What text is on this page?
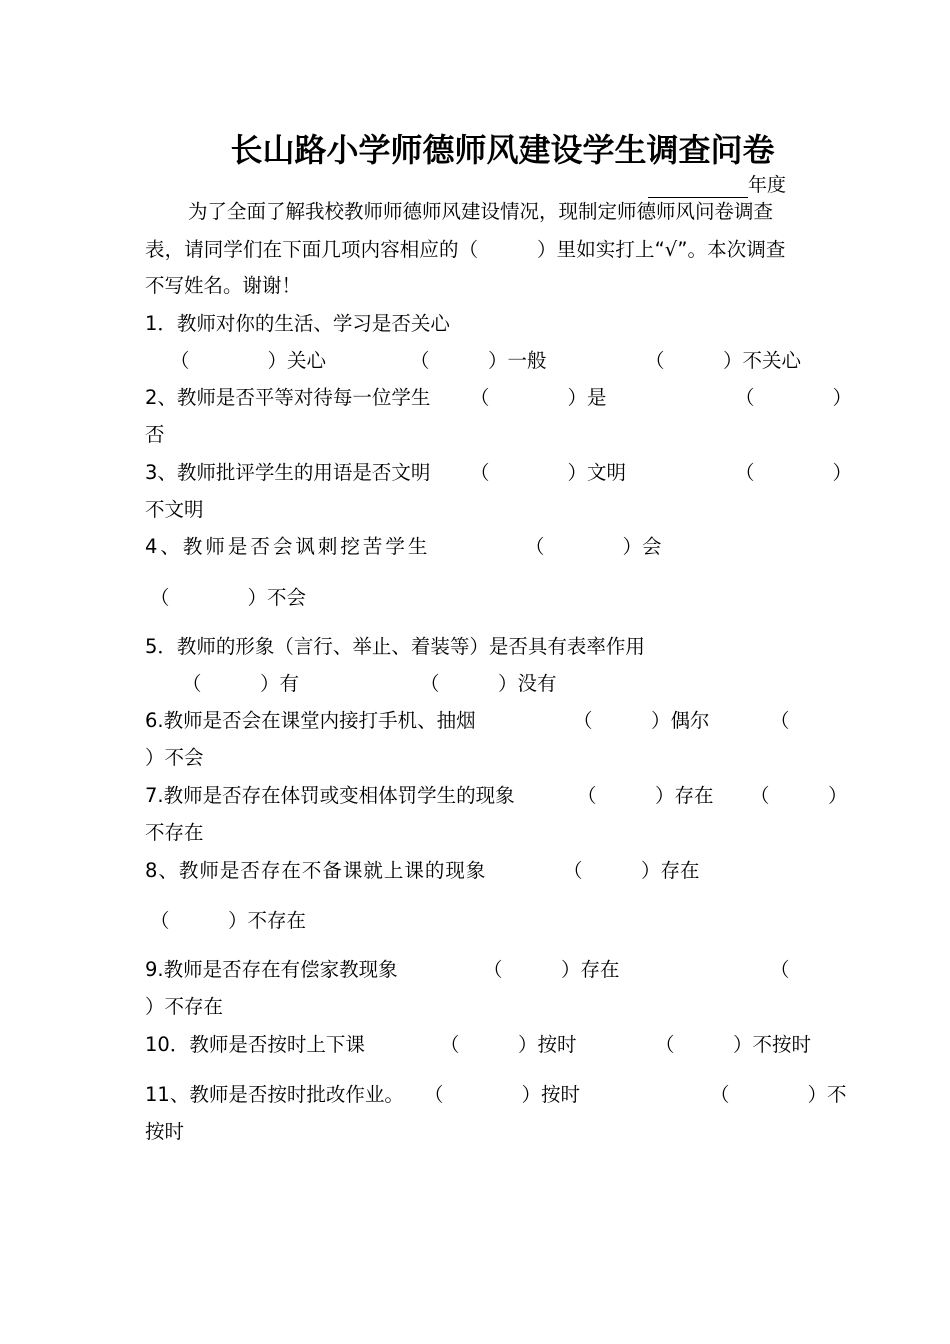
长山路小学师德师风建设学生调查问卷
年度
为了全面了解我校教师师德师风建设情况，现制定师德师风问卷调查
表，请同学们在下面几项内容相应的（　　　）里如实打上“√”。本次调查
不写姓名。谢谢！
1．教师对你的生活、学习是否关心
（　　　　）关心	（　　　）一般	（　　　）不关心
2、教师是否平等对待每一位学生 （　　　　）是	（　　　　）
否
3、教师批评学生的用语是否文明 （　　　　）文明	（　　　　）
不文明
4、教师是否会讽刺挖苦学生	（　　　　）会
（　　　　）不会
5．教师的形象（言行、举止、着装等）是否具有表率作用
（　　　）有	（　　　）没有
6.教师是否会在课堂内接打手机、抽烟	（　　　）偶尔	（
）不会
7.教师是否存在体罚或变相体罚学生的现象	（　　　）存在 （　　　）
不存在
8、教师是否存在不备课就上课的现象	（　　　）存在
（　　　）不存在
9.教师是否存在有偿家教现象	（　　　）存在	（
）不存在
10．教师是否按时上下课	（　　　）按时	（　　　）不按时
11、教师是否按时批改作业。 （　　　　）按时	（　　　　）不
按时
